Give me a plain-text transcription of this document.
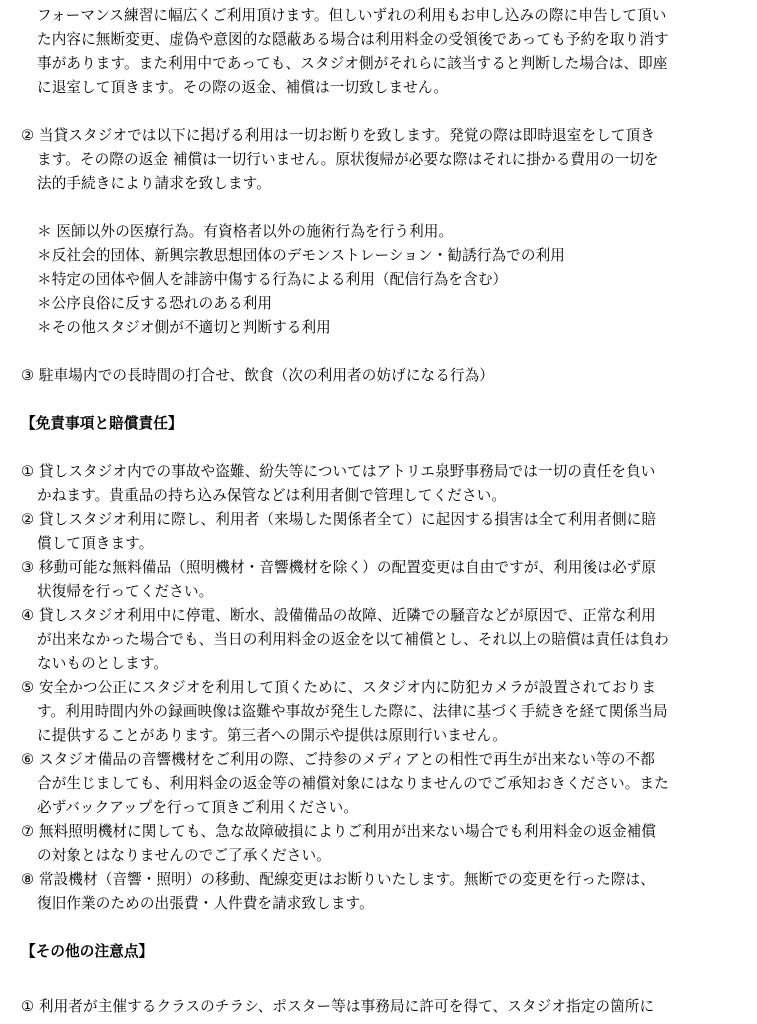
フォーマンス練習に幅広くご利用頂けます。但しいずれの利用もお申し込みの際に申告して頂い
た内容に無断変更、虚偽や意図的な隠蔽ある場合は利用料金の受領後であっても予約を取り消す
事があります。また利用中であっても、スタジオ側がそれらに該当すると判断した場合は、即座
に退室して頂きます。その際の返金、補償は一切致しません。
② 当貸スタジオでは以下に掲げる利用は一切お断りを致します。発覚の際は即時退室をして頂き
ます。その際の返金 補償は一切行いません。原状復帰が必要な際はそれに掛かる費用の一切を
法的手続きにより請求を致します。
＊ 医師以外の医療行為。有資格者以外の施術行為を行う利用。
＊反社会的団体、新興宗教思想団体のデモンストレーション・勧誘行為での利用
＊特定の団体や個人を誹謗中傷する行為による利用（配信行為を含む）
＊公序良俗に反する恐れのある利用
＊その他スタジオ側が不適切と判断する利用
③ 駐車場内での長時間の打合せ、飲食（次の利用者の妨げになる行為）
【免責事項と賠償責任】
① 貸しスタジオ内での事故や盗難、紛失等についてはアトリエ泉野事務局では一切の責任を負い
かねます。貴重品の持ち込み保管などは利用者側で管理してください。
② 貸しスタジオ利用に際し、利用者（来場した関係者全て）に起因する損害は全て利用者側に賠
償して頂きます。
③ 移動可能な無料備品（照明機材・音響機材を除く）の配置変更は自由ですが、利用後は必ず原
状復帰を行ってください。
④ 貸しスタジオ利用中に停電、断水、設備備品の故障、近隣での騒音などが原因で、正常な利用
が出来なかった場合でも、当日の利用料金の返金を以て補償とし、それ以上の賠償は責任は負わ
ないものとします。
⑤ 安全かつ公正にスタジオを利用して頂くために、スタジオ内に防犯カメラが設置されておりま
す。利用時間内外の録画映像は盗難や事故が発生した際に、法律に基づく手続きを経て関係当局
に提供することがあります。第三者への開示や提供は原則行いません。
⑥ スタジオ備品の音響機材をご利用の際、ご持参のメディアとの相性で再生が出来ない等の不都
合が生じましても、利用料金の返金等の補償対象にはなりませんのでご承知おきください。また
必ずバックアップを行って頂きご利用ください。
⑦ 無料照明機材に関しても、急な故障破損によりご利用が出来ない場合でも利用料金の返金補償
の対象とはなりませんのでご了承ください。
⑧ 常設機材（音響・照明）の移動、配線変更はお断りいたします。無断での変更を行った際は、
復旧作業のための出張費・人件費を請求致します。
【その他の注意点】
① 利用者が主催するクラスのチラシ、ポスター等は事務局に許可を得て、スタジオ指定の箇所に
